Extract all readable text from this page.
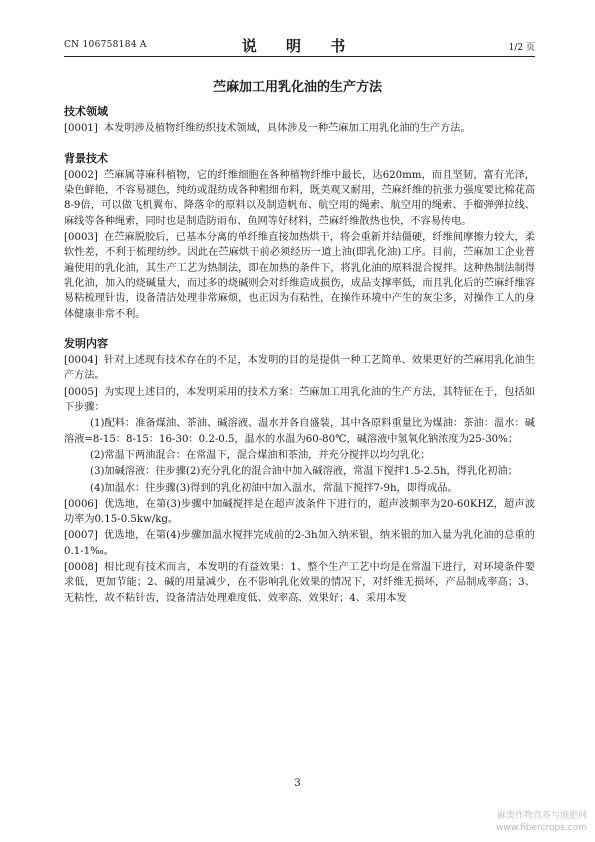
CN 106758184 A	说 明 书	1/2 页
苎麻加工用乳化油的生产方法
技术领域

[0001] 本发明涉及植物纤维纺织技术领域，具体涉及一种苎麻加工用乳化油的生产方法。

背景技术

[0002] 苎麻属荨麻科植物，它的纤维细胞在各种植物纤维中最长，达620mm，而且坚韧，富有光泽，染色鲜艳，不容易褪色，纯纺或混纺成各种粗细布料，既美观又耐用，苎麻纤维的抗张力强度要比棉花高8-9倍，可以做飞机翼布、降落伞的原料以及制造帆布、航空用的绳索、航空用的绳索、手榴弹弹拉线、麻线等各种绳索，同时也是制造防雨布、鱼网等好材料，苎麻纤维散热也快，不容易传电。

[0003] 在苎麻脱胶后，已基本分离的单纤维直接加热烘干，将会重新并结僵硬，纤维间摩擦力较大，柔软性差，不利于梳理纺纱。因此在苎麻烘干前必须经历一道上油(即乳化油)工序。目前，苎麻加工企业普遍使用的乳化油，其生产工艺为热制法，即在加热的条件下，将乳化油的原料混合搅拌。这种热制法制得乳化油，加入的烧碱量大，而过多的烧碱则会对纤维造成损伤，成品支撑率低，而且乳化后的苎麻纤维容易粘梳理针齿，设备清洁处理非常麻烦，也正因为有粘性，在操作环境中产生的灰尘多，对操作工人的身体健康非常不利。

发明内容

[0004] 针对上述现有技术存在的不足，本发明的目的是提供一种工艺简单、效果更好的苎麻用乳化油生产方法。

[0005] 为实现上述目的，本发明采用的技术方案：苎麻加工用乳化油的生产方法，其特征在于，包括如下步骤：

(1)配料：准备煤油、茶油、碱溶液、温水并各自盛装，其中各原料重量比为煤油：茶油：温水：碱溶液=8-15：8-15：16-30：0.2-0.5，温水的水温为60-80℃，碱溶液中氢氧化钠浓度为25-30%；

(2)常温下两油混合：在常温下，混合煤油和茶油，并充分搅拌以均匀乳化；

(3)加碱溶液：往步骤(2)充分乳化的混合油中加入碱溶液，常温下搅拌1.5-2.5h，得乳化初油；

(4)加温水：往步骤(3)得到的乳化初油中加入温水，常温下搅拌7-9h，即得成品。

[0006] 优选地，在第(3)步骤中加碱搅拌是在超声波条件下进行的，超声波频率为20-60KHZ，超声波功率为0.15-0.5kw/kg。

[0007] 优选地，在第(4)步骤加温水搅拌完成前的2-3h加入纳米银，纳米银的加入量为乳化油的总重的0.1-1‰。

[0008] 相比现有技术而言，本发明的有益效果：1、整个生产工艺中均是在常温下进行，对环境条件要求低，更加节能；2、碱的用量减少，在不影响乳化效果的情况下，对纤维无损坏，产品制成率高；3、无粘性，故不粘针齿，设备清洁处理难度低、效率高、效果好；4、采用本发

3
麻类作物营养与施肥网
www.fibercrops.com
